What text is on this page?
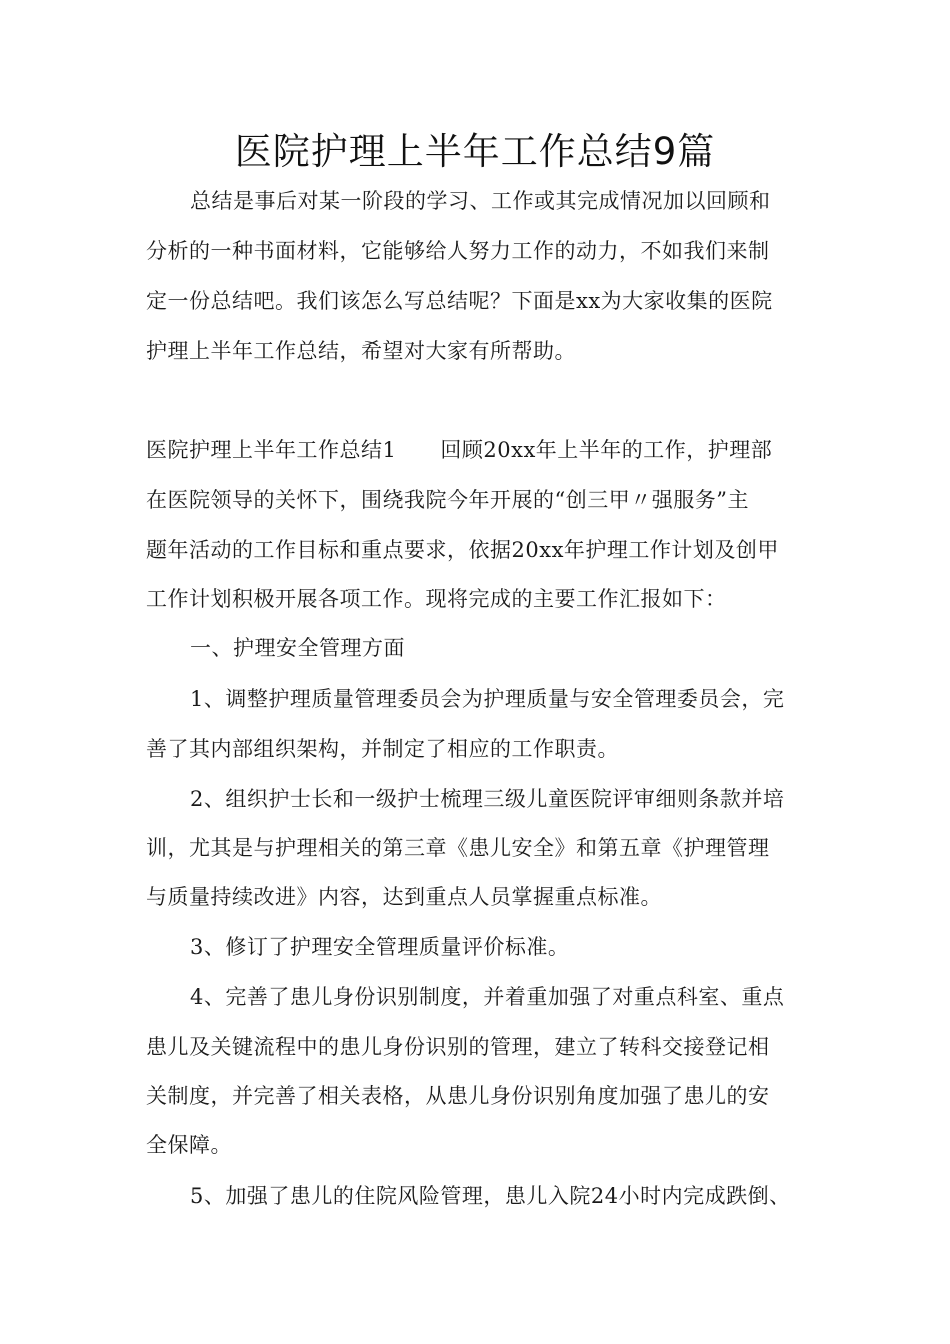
医院护理上半年工作总结9篇
总结是事后对某一阶段的学习、工作或其完成情况加以回顾和
分析的一种书面材料，它能够给人努力工作的动力，不如我们来制
定一份总结吧。我们该怎么写总结呢？下面是xx为大家收集的医院
护理上半年工作总结，希望对大家有所帮助。
医院护理上半年工作总结1 回顾20xx年上半年的工作，护理部
在医院领导的关怀下，围绕我院今年开展的“创三甲〃强服务”主
题年活动的工作目标和重点要求，依据20xx年护理工作计划及创甲
工作计划积极开展各项工作。现将完成的主要工作汇报如下：
一、护理安全管理方面
1、调整护理质量管理委员会为护理质量与安全管理委员会，完
善了其内部组织架构，并制定了相应的工作职责。
2、组织护士长和一级护士梳理三级儿童医院评审细则条款并培
训，尤其是与护理相关的第三章《患儿安全》和第五章《护理管理
与质量持续改进》内容，达到重点人员掌握重点标准。
3、修订了护理安全管理质量评价标准。
4、完善了患儿身份识别制度，并着重加强了对重点科室、重点
患儿及关键流程中的患儿身份识别的管理，建立了转科交接登记相
关制度，并完善了相关表格，从患儿身份识别角度加强了患儿的安
全保障。
5、加强了患儿的住院风险管理，患儿入院24小时内完成跌倒、
